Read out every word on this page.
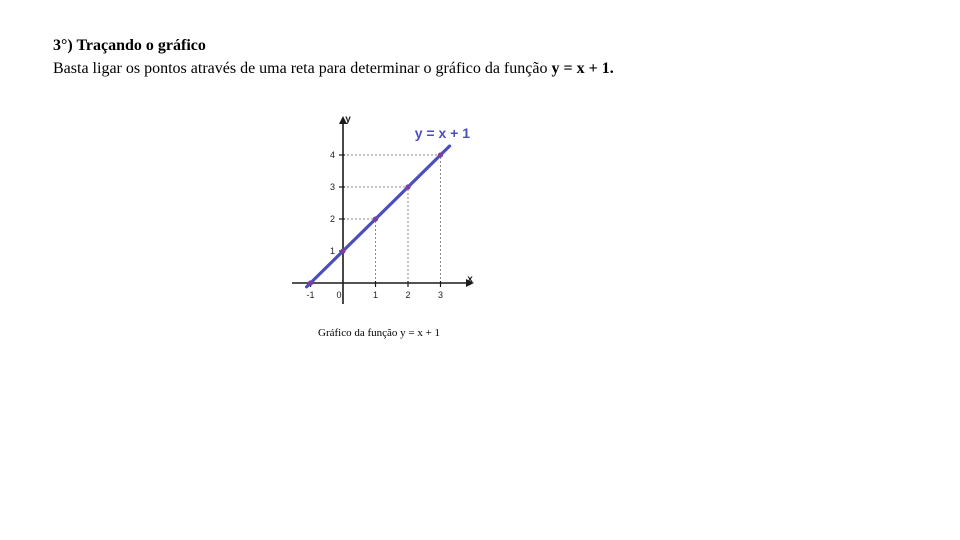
3°) Traçando o gráfico
Basta ligar os pontos através de uma reta para determinar o gráfico da função y = x + 1.
-1 0	1	2	3
1
2
3
4
y = x + 1
x
y
Gráfico da função y = x + 1
